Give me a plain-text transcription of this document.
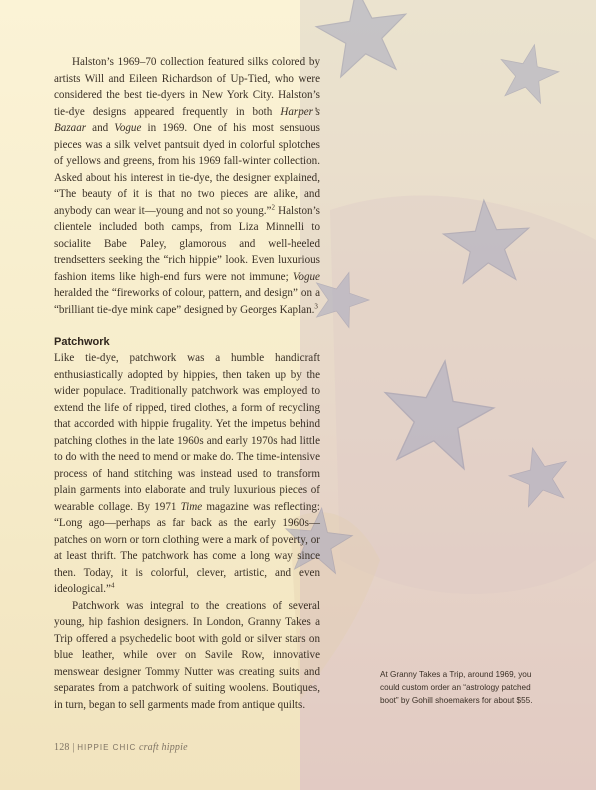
Halston’s 1969–70 collection featured silks colored by artists Will and Eileen Richardson of Up-Tied, who were considered the best tie-dyers in New York City. Halston’s tie-dye designs appeared frequently in both Harper’s Bazaar and Vogue in 1969. One of his most sensuous pieces was a silk velvet pantsuit dyed in colorful splotches of yellows and greens, from his 1969 fall-winter collection. Asked about his interest in tie-dye, the designer explained, “The beauty of it is that no two pieces are alike, and anybody can wear it—young and not so young.”$^2$ Halston’s clientele included both camps, from Liza Minnelli to socialite Babe Paley, glamorous and well-heeled trendsetters seeking the “rich hippie” look. Even luxurious fashion items like high-end furs were not immune; Vogue heralded the “fireworks of colour, pattern, and design” on a “brilliant tie-dye mink cape” designed by Georges Kaplan.$^3$

Patchwork

Like tie-dye, patchwork was a humble handicraft enthusiastically adopted by hippies, then taken up by the wider populace. Traditionally patchwork was employed to extend the life of ripped, tired clothes, a form of recycling that accorded with hippie frugality. Yet the impetus behind patching clothes in the late 1960s and early 1970s had little to do with the need to mend or make do. The time-intensive process of hand stitching was instead used to transform plain garments into elaborate and truly luxurious pieces of wearable collage. By 1971 Time magazine was reflecting: “Long ago—perhaps as far back as the early 1960s—patches on worn or torn clothing were a mark of poverty, or at least thrift. The patchwork has come a long way since then. Today, it is colorful, clever, artistic, and even ideological.”$^4$

Patchwork was integral to the creations of several young, hip fashion designers. In London, Granny Takes a Trip offered a psychedelic boot with gold or silver stars on blue leather, while over on Savile Row, innovative menswear designer Tommy Nutter was creating suits and separates from a patchwork of suiting woolens. Boutiques, in turn, began to sell garments made from antique quilts.

At Granny Takes a Trip, around 1969, you could custom order an “astrology patched boot” by Gohill shoemakers for about $55.
128 | HIPPIE CHIC craft hippie
